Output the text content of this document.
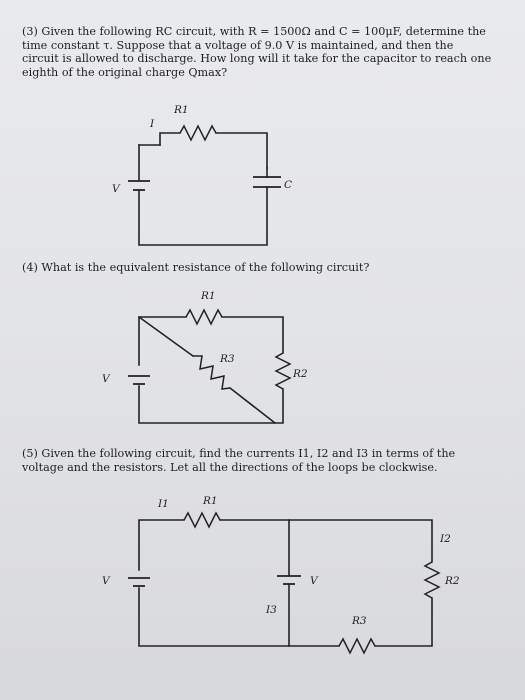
(3) Given the following RC circuit, with R = 1500Ω and C = 100μF, determine the time constant τ. Suppose that a voltage of 9.0 V is maintained, and then the circuit is allowed to discharge. How long will it take for the capacitor to reach one eighth of the original charge Qmax?
(4) What is the equivalent resistance of the following circuit?
(5) Given the following circuit, find the currents I1, I2 and I3 in terms of the voltage and the resistors. Let all the directions of the loops be clockwise.
I
R1
V	C
R1
R3
R2
V
I1	R1
I2
R2
V	V
I3
R3
